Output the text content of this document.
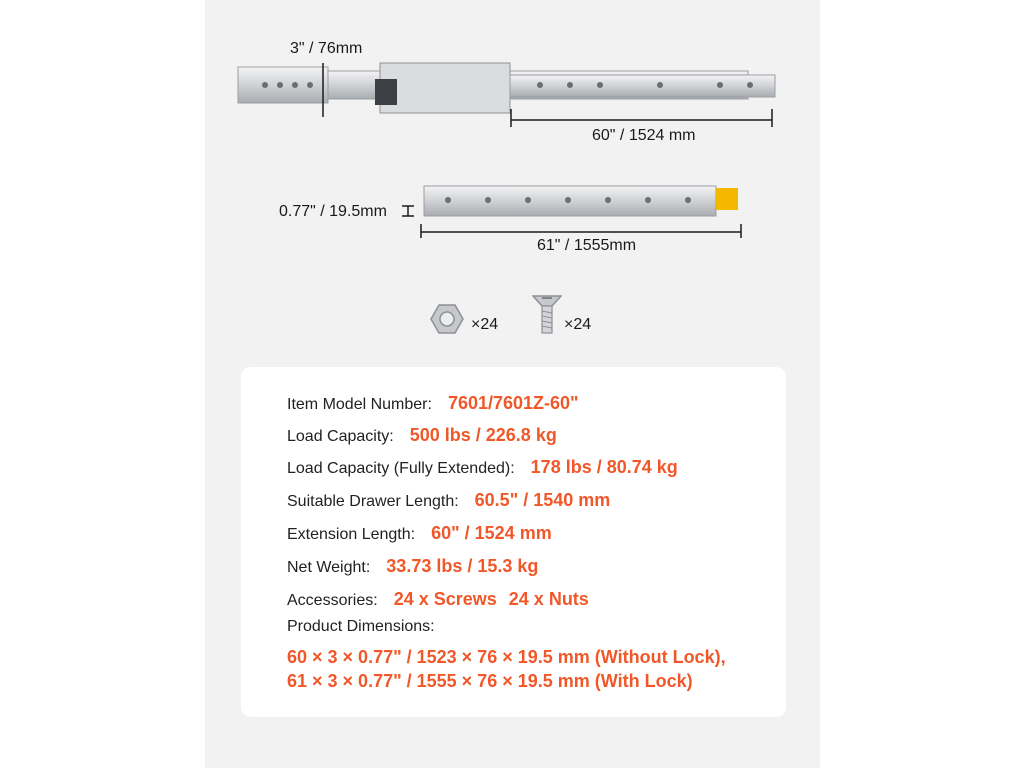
3" / 76mm
60" / 1524 mm
0.77" / 19.5mm
61" / 1555mm
×24	×24
Item Model Number: 7601/7601Z-60"
Load Capacity: 500 lbs / 226.8 kg
Load Capacity (Fully Extended): 178 lbs / 80.74 kg
Suitable Drawer Length: 60.5" / 1540 mm
Extension Length: 60" / 1524 mm
Net Weight: 33.73 lbs / 15.3 kg
Accessories: 24 x Screws 24 x Nuts
Product Dimensions:
60 × 3 × 0.77" / 1523 × 76 × 19.5 mm (Without Lock),
61 × 3 × 0.77" / 1555 × 76 × 19.5 mm (With Lock)
